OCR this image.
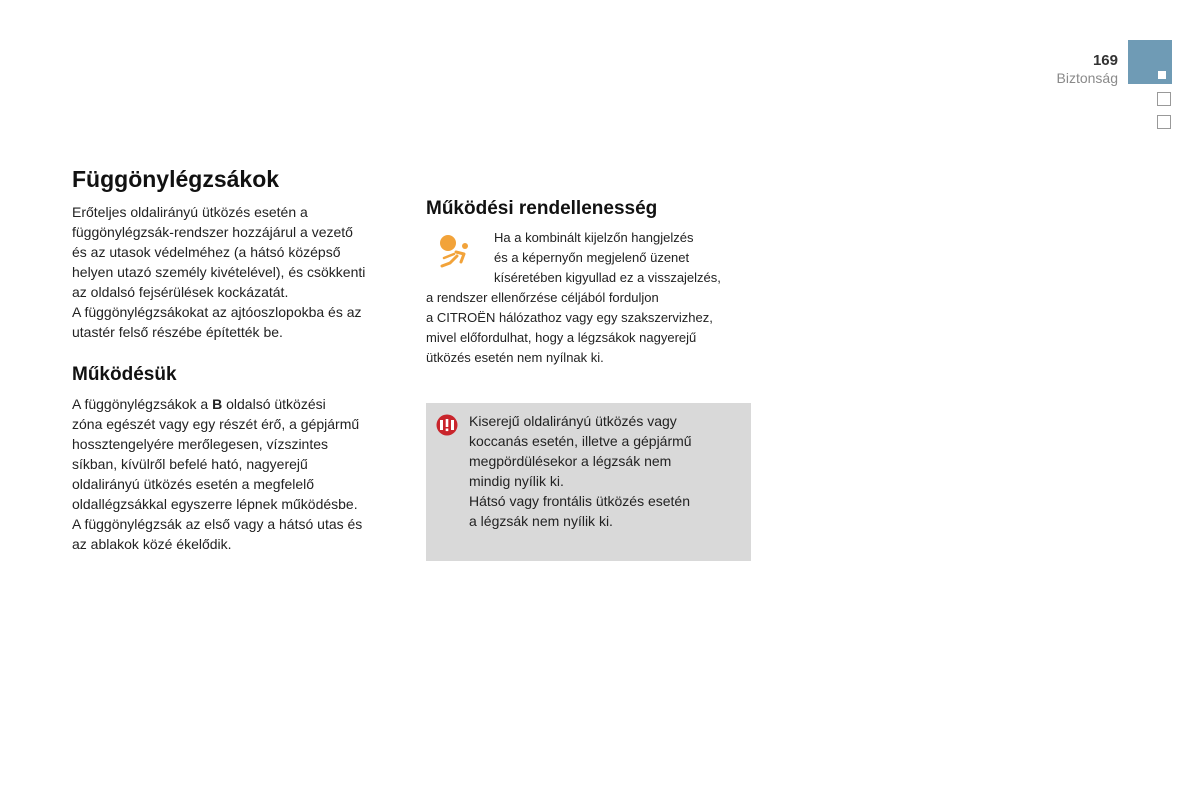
169
Biztonság
Függönylégzsákok

Erőteljes oldalirányú ütközés esetén a

függönylégzsák-rendszer hozzájárul a vezető

és az utasok védelméhez (a hátsó középső

helyen utazó személy kivételével), és csökkenti

az oldalsó fejsérülések kockázatát.

A függönylégzsákokat az ajtóoszlopokba és az

utastér felső részébe építették be.

Működésük

A függönylégzsákok a B oldalsó ütközési

zóna egészét vagy egy részét érő, a gépjármű

hossztengelyére merőlegesen, vízszintes

síkban, kívülről befelé ható, nagyerejű

oldalirányú ütközés esetén a megfelelő

oldallégzsákkal egyszerre lépnek működésbe.

A függönylégzsák az első vagy a hátsó utas és

az ablakok közé ékelődik.

Működési rendellenesség

Ha a kombinált kijelzőn hangjelzés

és a képernyőn megjelenő üzenet

kíséretében kigyullad ez a visszajelzés,

a rendszer ellenőrzése céljából forduljon

a CITROËN hálózathoz vagy egy szakszervizhez,

mivel előfordulhat, hogy a légzsákok nagyerejű

ütközés esetén nem nyílnak ki.

Kiserejű oldalirányú ütközés vagy

koccanás esetén, illetve a gépjármű

megpördülésekor a légzsák nem

mindig nyílik ki.

Hátsó vagy frontális ütközés esetén

a légzsák nem nyílik ki.
